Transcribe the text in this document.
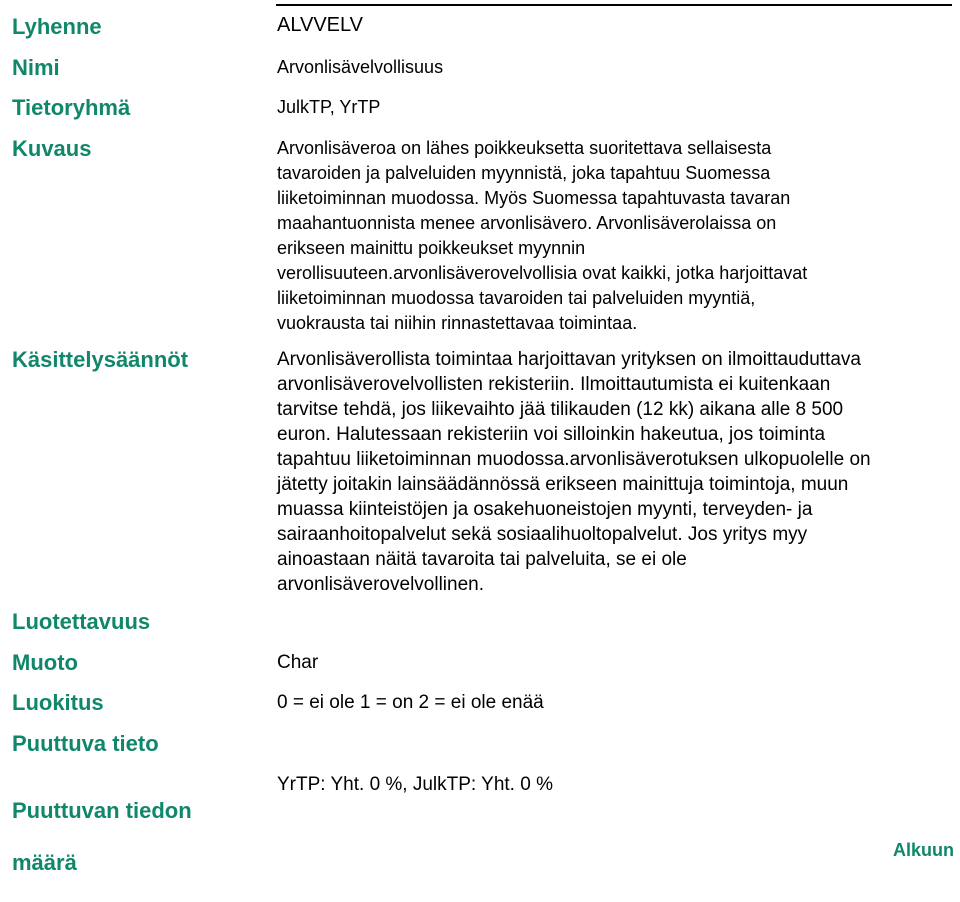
Lyhenne
Nimi
Tietoryhmä
Kuvaus
Käsittelysäännöt
Luotettavuus
Muoto
Luokitus
Puuttuva tieto

Puuttuvan tiedon

määrä

ALVVELV
Arvonlisävelvollisuus
JulkTP, YrTP
Arvonlisäveroa on lähes poikkeuksetta suoritettava sellaisesta
tavaroiden ja palveluiden myynnistä, joka tapahtuu Suomessa
liiketoiminnan muodossa. Myös Suomessa tapahtuvasta tavaran
maahantuonnista menee arvonlisävero. Arvonlisäverolaissa on
erikseen mainittu poikkeukset myynnin
verollisuuteen.arvonlisäverovelvollisia ovat kaikki, jotka harjoittavat
liiketoiminnan muodossa tavaroiden tai palveluiden myyntiä,
vuokrausta tai niihin rinnastettavaa toimintaa.
Arvonlisäverollista toimintaa harjoittavan yrityksen on ilmoittauduttava
arvonlisäverovelvollisten rekisteriin. Ilmoittautumista ei kuitenkaan
tarvitse tehdä, jos liikevaihto jää tilikauden (12 kk) aikana alle 8 500
euron. Halutessaan rekisteriin voi silloinkin hakeutua, jos toiminta
tapahtuu liiketoiminnan muodossa.arvonlisäverotuksen ulkopuolelle on
jätetty joitakin lainsäädännössä erikseen mainittuja toimintoja, muun
muassa kiinteistöjen ja osakehuoneistojen myynti, terveyden- ja
sairaanhoitopalvelut sekä sosiaalihuoltopalvelut. Jos yritys myy
ainoastaan näitä tavaroita tai palveluita, se ei ole
arvonlisäverovelvollinen.
Char
0 = ei ole 1 = on 2 = ei ole enää
YrTP: Yht. 0 %, JulkTP: Yht. 0 %
Alkuun
